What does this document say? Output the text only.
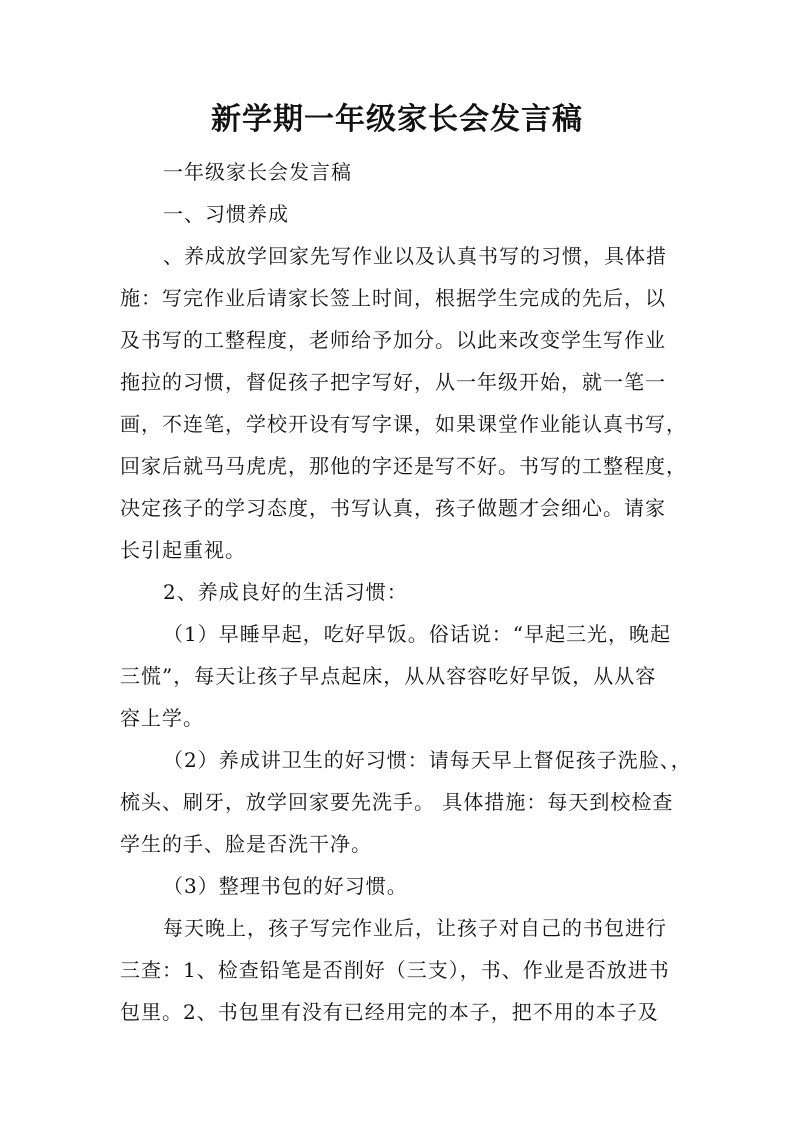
新学期一年级家长会发言稿
一年级家长会发言稿
一、习惯养成
、养成放学回家先写作业以及认真书写的习惯，具体措
施：写完作业后请家长签上时间，根据学生完成的先后，以
及书写的工整程度，老师给予加分。以此来改变学生写作业
拖拉的习惯，督促孩子把字写好，从一年级开始，就一笔一
画，不连笔，学校开设有写字课，如果课堂作业能认真书写，
回家后就马马虎虎，那他的字还是写不好。书写的工整程度，
决定孩子的学习态度，书写认真，孩子做题才会细心。请家
长引起重视。
2、养成良好的生活习惯：
（1）早睡早起，吃好早饭。俗话说：“早起三光，晚起
三慌”，每天让孩子早点起床，从从容容吃好早饭，从从容
容上学。
（2）养成讲卫生的好习惯：请每天早上督促孩子洗脸、，
梳头、刷牙，放学回家要先洗手。 具体措施：每天到校检查
学生的手、脸是否洗干净。
（3）整理书包的好习惯。
每天晚上，孩子写完作业后，让孩子对自己的书包进行
三查：1、检查铅笔是否削好（三支），书、作业是否放进书
包里。2、书包里有没有已经用完的本子，把不用的本子及
